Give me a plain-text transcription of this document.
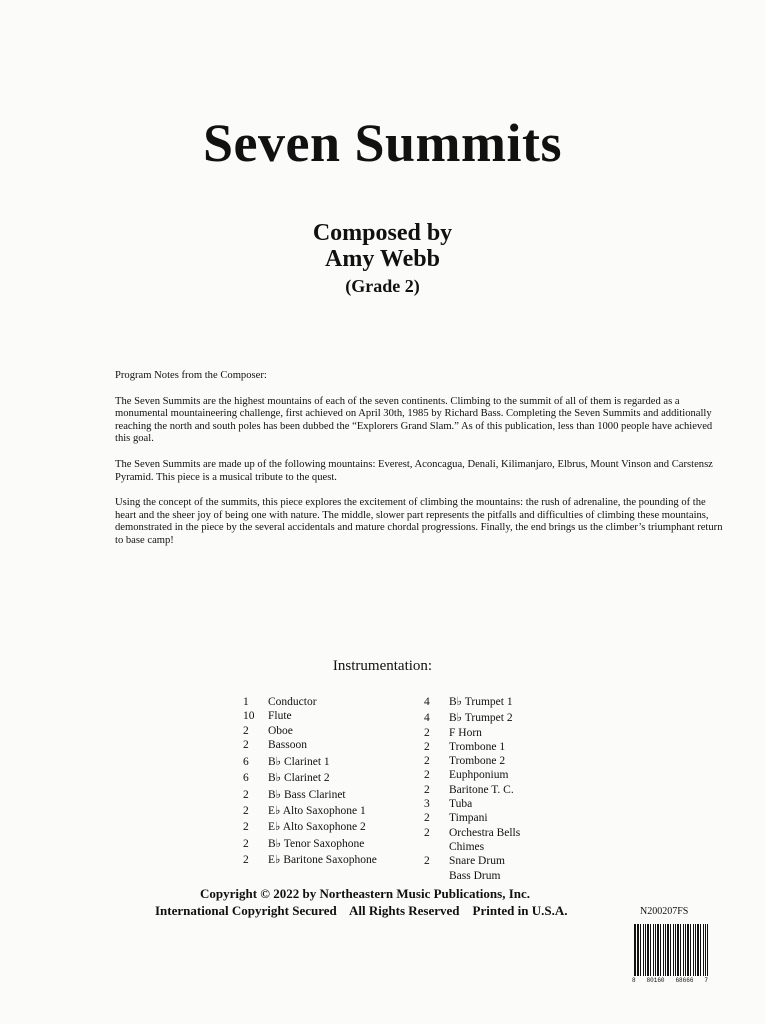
Seven Summits
Composed by
Amy Webb
(Grade 2)

Program Notes from the Composer:

The Seven Summits are the highest mountains of each of the seven continents. Climbing to the summit of all of them is regarded as a monumental mountaineering challenge, first achieved on April 30th, 1985 by Richard Bass. Completing the Seven Summits and additionally reaching the north and south poles has been dubbed the “Explorers Grand Slam.” As of this publication, less than 1000 people have achieved this goal.

The Seven Summits are made up of the following mountains: Everest, Aconcagua, Denali, Kilimanjaro, Elbrus, Mount Vinson and Carstensz Pyramid. This piece is a musical tribute to the quest.

Using the concept of the summits, this piece explores the excitement of climbing the mountains: the rush of adrenaline, the pounding of the heart and the sheer joy of being one with nature. The middle, slower part represents the pitfalls and difficulties of climbing these mountains, demonstrated in the piece by the several accidentals and mature chordal progressions. Finally, the end brings us the climber’s triumphant return to base camp!

Instrumentation:
1	Conductor
10	Flute
2	Oboe
2	Bassoon
6	B♭ Clarinet 1
6	B♭ Clarinet 2
2	B♭ Bass Clarinet
2	E♭ Alto Saxophone 1
2	E♭ Alto Saxophone 2
2	B♭ Tenor Saxophone
2	E♭ Baritone Saxophone
4	B♭ Trumpet 1
4	B♭ Trumpet 2
2	F Horn
2	Trombone 1
2	Trombone 2
2	Euphponium
2	Baritone T. C.
3	Tuba
2	Timpani
2	Orchestra Bells
Chimes
2	Snare Drum
Bass Drum
Copyright © 2022 by Northeastern Music Publications, Inc.
International Copyright Secured    All Rights Reserved    Printed in U.S.A.	N200207FS
8 80160 68666 7
